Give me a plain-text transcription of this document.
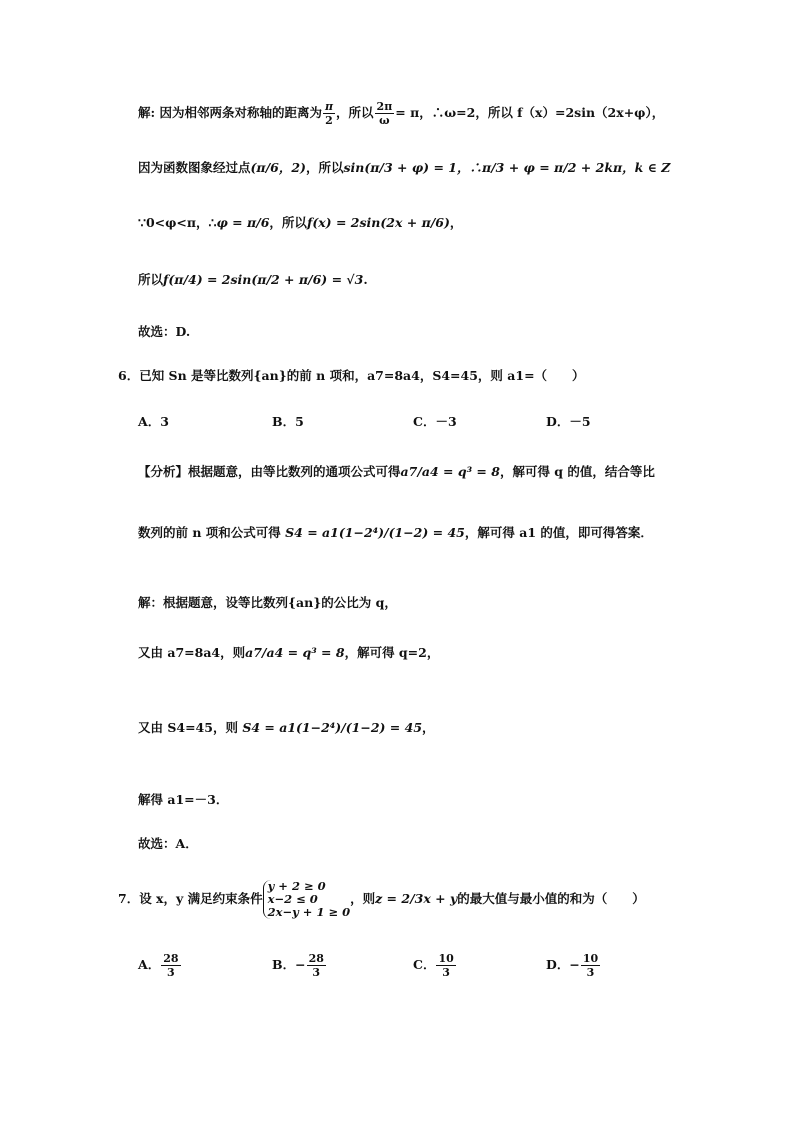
解: 因为相邻两条对称轴的距离为 $\frac{\pi}{2}$ ，所以 $\frac{2\pi}{\omega} = \pi$，∴ω=2，所以 f（x）=2sin（2x+φ），
因为函数图象经过点(π/6，2)，所以sin(π/3 + φ) = 1，∴π/3 + φ = π/2 + 2kπ，k ∈ Z
∵0<φ<π，∴φ = π/6，所以f(x) = 2sin(2x + π/6)，
所以f(π/4) = 2sin(π/2 + π/6) = √3.
故选：D.
6．已知 Sn 是等比数列{an}的前 n 项和，a7=8a4，S4=45，则 a1=（　　）
A．3	B．5	C．－3	D．－5
【分析】根据题意，由等比数列的通项公式可得a7/a4 = q³ = 8，解可得 q 的值，结合等比
数列的前 n 项和公式可得 S4 = a1(1−2⁴)/(1−2) = 45，解可得 a1 的值，即可得答案．
解：根据题意，设等比数列{an}的公比为 q，
又由 a7=8a4，则a7/a4 = q³ = 8，解可得 q=2，
又由 S4=45，则 S4 = a1(1−2⁴)/(1−2) = 45，
解得 a1=－3．
故选：A．
7．设 x，y 满足约束条件
y + 2 ≥ 0
x−2 ≤ 0
2x−y + 1 ≥ 0
，则z = 2/3x + y的最大值与最小值的和为（　　）
A． $\frac{28}{3}$	B．− $\frac{28}{3}$	C． $\frac{10}{3}$	D．− $\frac{10}{3}$
